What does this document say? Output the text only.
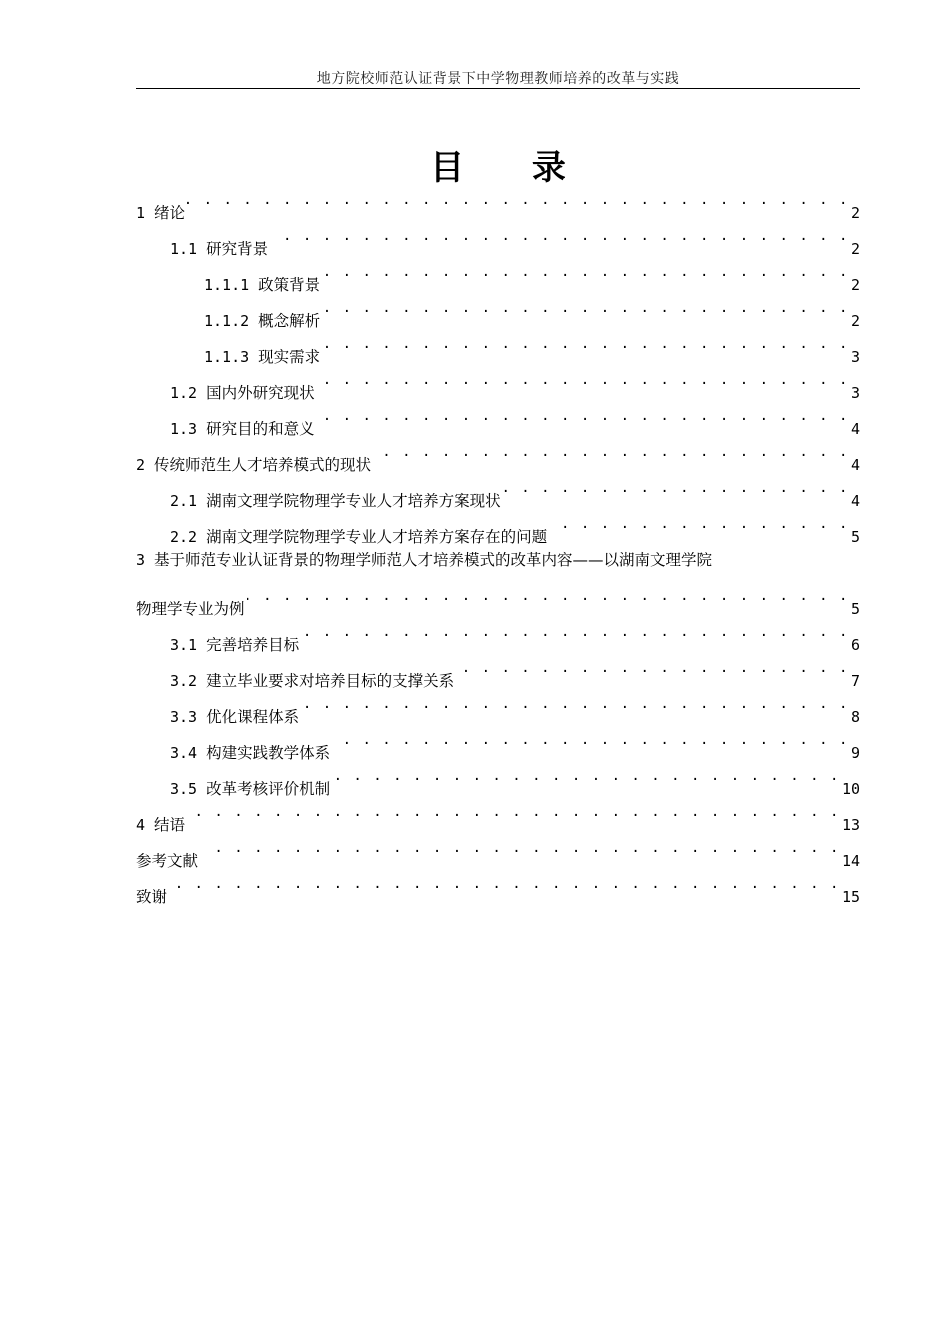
地方院校师范认证背景下中学物理教师培养的改革与实践
目 录
1 绪论 . . .	2
1.1 研究背景 . . .	2
1.1.1 政策背景 . . .	2
1.1.2 概念解析 . . .	2
1.1.3 现实需求 . . .	3
1.2 国内外研究现状 . . .	3
1.3 研究目的和意义 . . .	4
2 传统师范生人才培养模式的现状 . . .	4
2.1 湖南文理学院物理学专业人才培养方案现状 . . .	4
2.2 湖南文理学院物理学专业人才培养方案存在的问题 . . .	5
3 基于师范专业认证背景的物理学师范人才培养模式的改革内容——以湖南文理学院
物理学专业为例 . . .	5
3.1 完善培养目标 . . .	6
3.2 建立毕业要求对培养目标的支撑关系 . . .	7
3.3 优化课程体系 . . .	8
3.4 构建实践教学体系 . . .	9
3.5 改革考核评价机制 . . .	10
4 结语 . . .	13
参考文献 . . .	14
致谢 . . .	15
